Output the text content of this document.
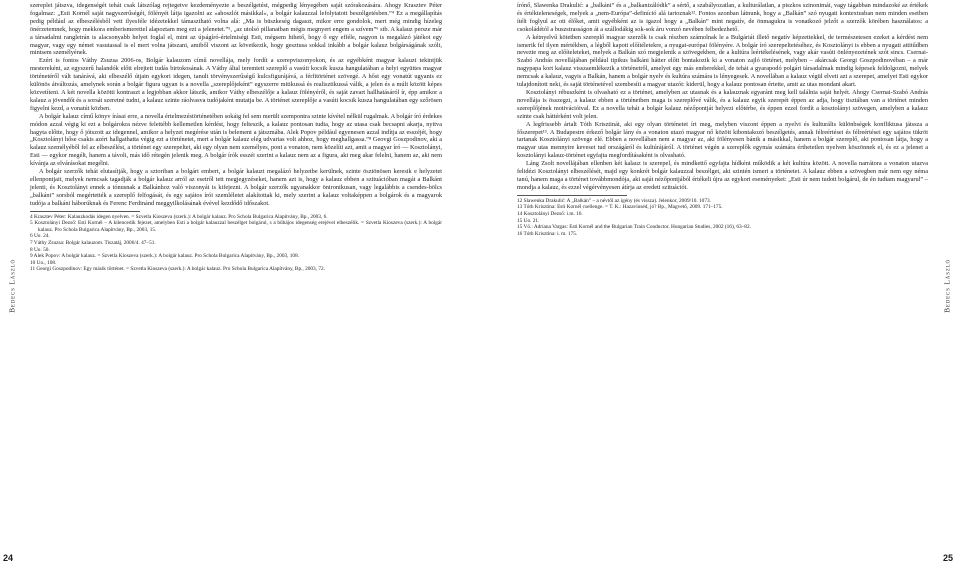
Bedecs László

szereplet játszva, idegenségét tehát csak látszólag rejtegetve kezdeményezte a beszélgetést, mégpedig lényegében saját szórakozására. Ahogy Krasztev Péter fogalmaz: „Esti Kornél saját nagyszerűségét, fölényét látja igazolni az »ahoszlót másikkal«, a bolgár kalauzzal lefolytatott beszélgetésben.”⁴ Ez a megállapítás pedig például az elbeszélésből vett ilyesféle idézetekkel támasztható volna alá: „Ma is büszkeség dagaszt, mikor erre gondolok, mert még mindig hízeleg önérzetemnek, hogy mekkora emberismerettel alapoztam meg ezt a jelenetet.”⁵, „az utolsó pillanatban mégis megnyert engem a szívem”⁶ stb. A kalauz persze már a társadalmi rangletrán is alacsonyabb helyet foglal el, mint az újságíró-értelmiségi Esti, mégsem hihető, hogy ő egy efféle, nagyon is megalázó játékot egy magyar, vagy egy német vasutassal is el mert volna játszani, amiből viszont az következik, hogy gesztusa sokkal inkább a bolgár kalauz bolgárságának szólt, mintsem személyének.

Ezért is fontos Váthy Zsuzsa 2006-os, Bolgár kalauzom című novellája, mely fordít a szerepviszonyokon, és az egyébként magyar kalauzt tekintjük mestereként, az egyszerű halandók előtt elrejtett tudás birtokosának. A Váthy által teremtett szereplő a vasúti kocsik kusza hangulatában a helyi együttes magyar történetéről vált tanárává, aki elbeszélő útjain egykori idegen, tanult törvényszerűségű kulcsfigurájává, a férfitörténet szövegé. A hőst egy vonatút ugyanis ez különös átváltozás, amelynek során a bolgár figura ugyan is a novella „szereplőjeként” egyszerre mitikussá és realisztikussá válik, a jelen és a múlt között képes közvetíteni. A két novella közötti kontraszt a legjobban akkor látszik, amikor Váthy elbeszélője a kalauz fölényéről, és saját zavart hallhatásáról ír, épp amikor a kalauz a jövendőt és a sorsát szeretné tudni, a kalauz szinte ráolvasva tudójaként mutatja be. A történet szereplője a vasúti kocsik kusza hangulatában egy szőrösen figyelni kezd, a vonatút közben.

A bolgár kalauz című könyv írásai erre, a novella értelmezéstörténetében sokáig fel sem merült szempontra szinte kívétel nélkül rugalmak. A bolgár író érdekes módon azzal végig ki ezt a bolgárokra nézve felettébb kellemetlen kérdést, hogy felteszik, a kalauz pontosan tudta, hogy az utasa csak becsapni akarja, nyitva hagyta előtte, hogy ő jótszott az idegennel, amikor a helyzet megérése után is belement a játszmába. Alek Popov például egyenesen azzal indítja az esszéjét, hogy „Kosztolányi hőse csakis azért hallgathatta végig ezt a történetet, mert a bolgár kalauz elég udvarias volt ahhoz, hogy meghallgassa.”⁸ Geovgi Goszpodinov, aki a kalauz személyéből fel az elbeszélést, a történet egy szerepeltet, aki egy olyan nem személyes, pont a vonaton, nem közelíti azt, amit a magyar író — Kosztolányi, Esti — egykor megélt, hanem a távoli, más idő rétegén jelenik meg. A bolgár írók esszéi szerint a kalauz nem az a figura, aki meg akar felelni, hanem az, aki nem kívánja az elvárásokat megélni.

A bolgár szerzők tehát elutasítják, hogy a sztoriban a bolgárt embert, a bolgár kalauzt megalázó helyzetbe kerülnek, szinte ösztönösen keresik e helyzetet ellenpontjait, melyek nemcsak tagadják a bolgár kalauz arról az esetről tett megjegyzéseket, hanem azt is, hogy a kalauz ebben a szituációban magát a Balkánt jelenti, és Kosztolányi ennek a tónusnak a Balkánhoz való viszonyát is kifejezni. A bolgár szerzők ugyanakkor önironikusan, vagy legalábbis a csendes-bölcs „balkáni” sorsból megértették a szereplő felfogását, és egy sajátos írói szemléletet alakítottak ki, mely szerint a kalauz voltaképpen a bolgárok és a magyarok tudója a balkáni háborúknak és Ferenc Ferdinánd meggyilkolásának évével kezdődő időszakot.

4 Krasztev Péter: Kalauzkodás idegen nyelven. = Szvetla Kioszeva (szerk.): A bolgár kalauz. Pro Schola Bulgarica Alapítvány, Bp., 2003, 6.
5 Kosztolányi Dezső: Esti Kornél – A kilencedik fejezet, amelyben Esti a bolgár kalauzzal beszélget bolgárul, s a bűbájos idegenség erejével elbeszélik. = Szvetla Kioszeva (szerk.): A bolgár kalauz. Pro Schola Bulgarica Alapítvány, Bp., 2003, 15.
6 Uo. 24.
7 Váthy Zsuzsa: Bolgár kalauzom. Tiszatáj, 2006/4. 47–51.
8 Uo. 50.
9 Alek Popov: A bolgár kalauz. = Szvetla Kioszeva (szerk.): A bolgár kalauz. Pro Schola Bulgarica Alapítvány, Bp., 2003, 108.
10 Uo., 108.
11 Georgi Goszpodinov: Egy másik történet. = Szvetla Kioszeva (szerk.): A bolgár kalauz. Pro Schola Bulgarica Alapítvány, Bp., 2003, 72.
24

írónő, Slawenka Drakulić: a „balkáni” és a „balkanizálódik” a sértő, a szabályozatlan, a kulturálatlan, a piszkos szinonimái, vagy tágabban mindazoké az értékek és értékteleneségek, melyek a „nem-Európa”-definíció alá tartoznak¹². Fontos azonban látnunk, hogy a „Balkán” szó nyugati kontextusban nem minden esetben ítélt foglyul az ott élőket, amit egyébként az is igazol hogy a „Balkán” mint negatív, de önmagukra is vonatkozó jelzőt a szerzők körében használatos: a csokoládétól a buszstrasságon át a szállodákig sok-sok áru vonzó nevében felbedezhető.

A kétnyelvű kötetben szereplő magyar szerzők is csak részben számolnak le a Bulgáriát illető negatív képzettekkel, de természetesen ezeket a kérdést nem ismerik fel ilyen mértékben, a légből kapott előítéletekre, a nyugat-európai fölényére. A bolgár író szerepeltetéséhez, és Kosztolányi is ebben a nyugati attitűdben nevezte meg az előíteleteket, melyek a Balkán szó megjelenik a szövegekben, de a kultúra leértékelésének, vagy akár vasúti önlényezetének szót sincs. Csernai-Szabó András novellájában például tipikus balkáni hátter előtt bontakozik ki a vonaton zajló történet, melyben – akárcsak Georgi Goszpodinovéban – a már nagypapa kort kalauz visszaemlékezik a történetről, amelyet egy más emberekkel, de tehát a gyarapodó polgári társadalmak mindig képesek feldolgozni, melyek nemcsak a kalauz, vagyis a Balkán, hanem a bolgár nyelv és kultúra számára is lényegesek. A novellában a kalauz végül elveti azt a szerepet, amelyet Esti egykor tulajdonított neki, és saját történetével szembesíti a magyar utazót: kiderül, hogy a kalauz pontosan értette, amit az utas mondani akart.

Kosztolányi rébuszként is olvasható ez a történet, amelyben az utasnak és a kalauznak egyaránt meg kell találnia saját helyét. Ahogy Csernai-Szabó András novellája is összegzi, a kalauz ebben a történetben maga is szereplővé válik, és a kalauz egyik szerepét éppen az adja, hogy tisztában van a történet minden szereplőjének motivációival. Ez a novella tehát a bolgár kalauz nézőpontját helyezi előtérbe, és éppen ezzel fordít a kosztolányi szövegen, amelyben a kalauz szinte csak háttérként volt jelen.

A legfrissebb ártalt Tóth Krisztinát, aki egy olyan történetet írt meg, melyben viszont éppen a nyelvi és kulturális különbségek konfliktusa játssza a főszerepet¹³. A Budapestre érkező bolgár lány és a vonaton utazó magyar nő között kibontakozó beszélgetés, annak félreértései és félreértései egy sajátos tükröt tartanak Kosztolányi szövege elé. Ebben a novellában nem a magyar az, aki fölényesen bánik a másikkal, hanem a bolgár szereplő, aki pontosan látja, hogy a magyar utas mennyire keveset tud országáról és kultúrájáról. A történet végén a szereplők egymás számára érthetetlen nyelven köszönnek el, és ez a jelenet a kosztolányi kalauz-történet egyfajta megfordításaként is olvasható.

Láng Zsolt novellájában ellenben két kalauz is szerepel, és mindkettő egyfajta hídként működik a két kultúra között. A novella narrátora a vonaton utazva felidézi Kosztolányi elbeszélését, majd egy konkrét bolgár kalauzzal beszélget, aki szintén ismeri a történetet. A kalauz ebben a szövegben már nem egy néma tanú, hanem maga a történet továbbmondója, aki saját nézőpontjából értékeli újra az egykori eseményeket: „Esti úr nem tudott bolgárul, de én tudtam magyarul” – mondja a kalauz, és ezzel végérvényesen átírja az eredeti szituációt.

12 Slawenka Drakulić: A „Balkán” – a névtől az igény (és vissza). Jelenkor, 2009/10. 1073.
13 Tóth Krisztina: Esti Kornél csellenge. = T. K.: Hazavinséd, jó? Bp., Magvető, 2009. 171–175.
14 Kosztolányi Dezső: i.m. 16.
15 Uo. 21.
15 Vö.: Adriana Vargas: Esti Kornél and the Bulgarian Train Conductor. Hungarian Studies, 2002 (16), 63–82.
16 Tóth Krisztina: i. m. 175.
Bedecs László
25
